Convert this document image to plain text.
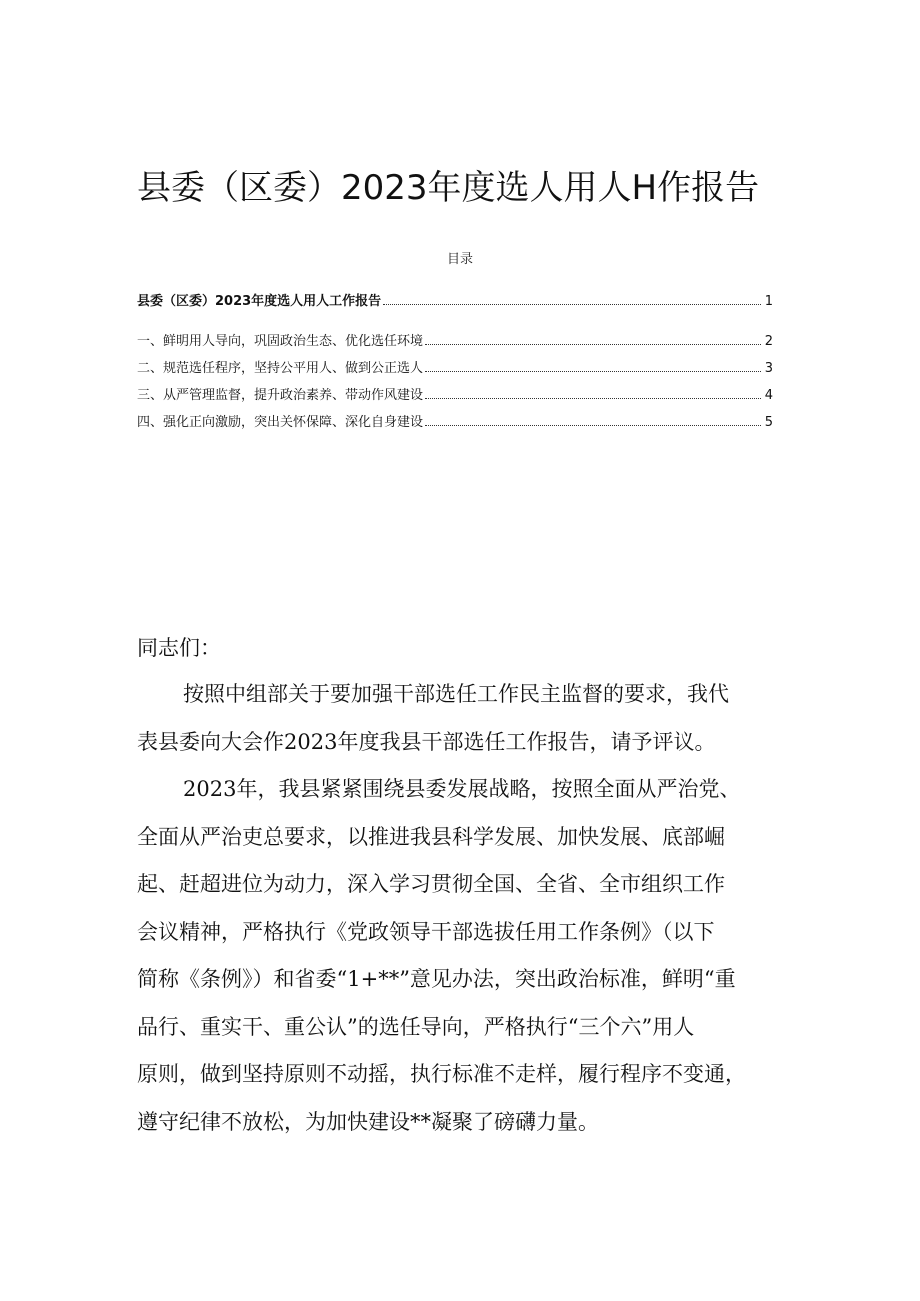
县委（区委）2023年度选人用人H作报告
目录
县委（区委）2023年度选人用人工作报告	1
一、鲜明用人导向，巩固政治生态、优化选任环境	2
二、规范选任程序，坚持公平用人、做到公正选人	3
三、从严管理监督，提升政治素养、带动作风建设	4
四、强化正向激励，突出关怀保障、深化自身建设	5
同志们：
按照中组部关于要加强干部选任工作民主监督的要求，我代
表县委向大会作2023年度我县干部选任工作报告，请予评议。
2023年，我县紧紧围绕县委发展战略，按照全面从严治党、
全面从严治吏总要求，以推进我县科学发展、加快发展、底部崛
起、赶超进位为动力，深入学习贯彻全国、全省、全市组织工作
会议精神，严格执行《党政领导干部选拔任用工作条例》（以下
简称《条例》）和省委“1+**”意见办法，突出政治标准，鲜明“重
品行、重实干、重公认”的选任导向，严格执行“三个六”用人
原则，做到坚持原则不动摇，执行标准不走样，履行程序不变通，
遵守纪律不放松，为加快建设**凝聚了磅礴力量。
